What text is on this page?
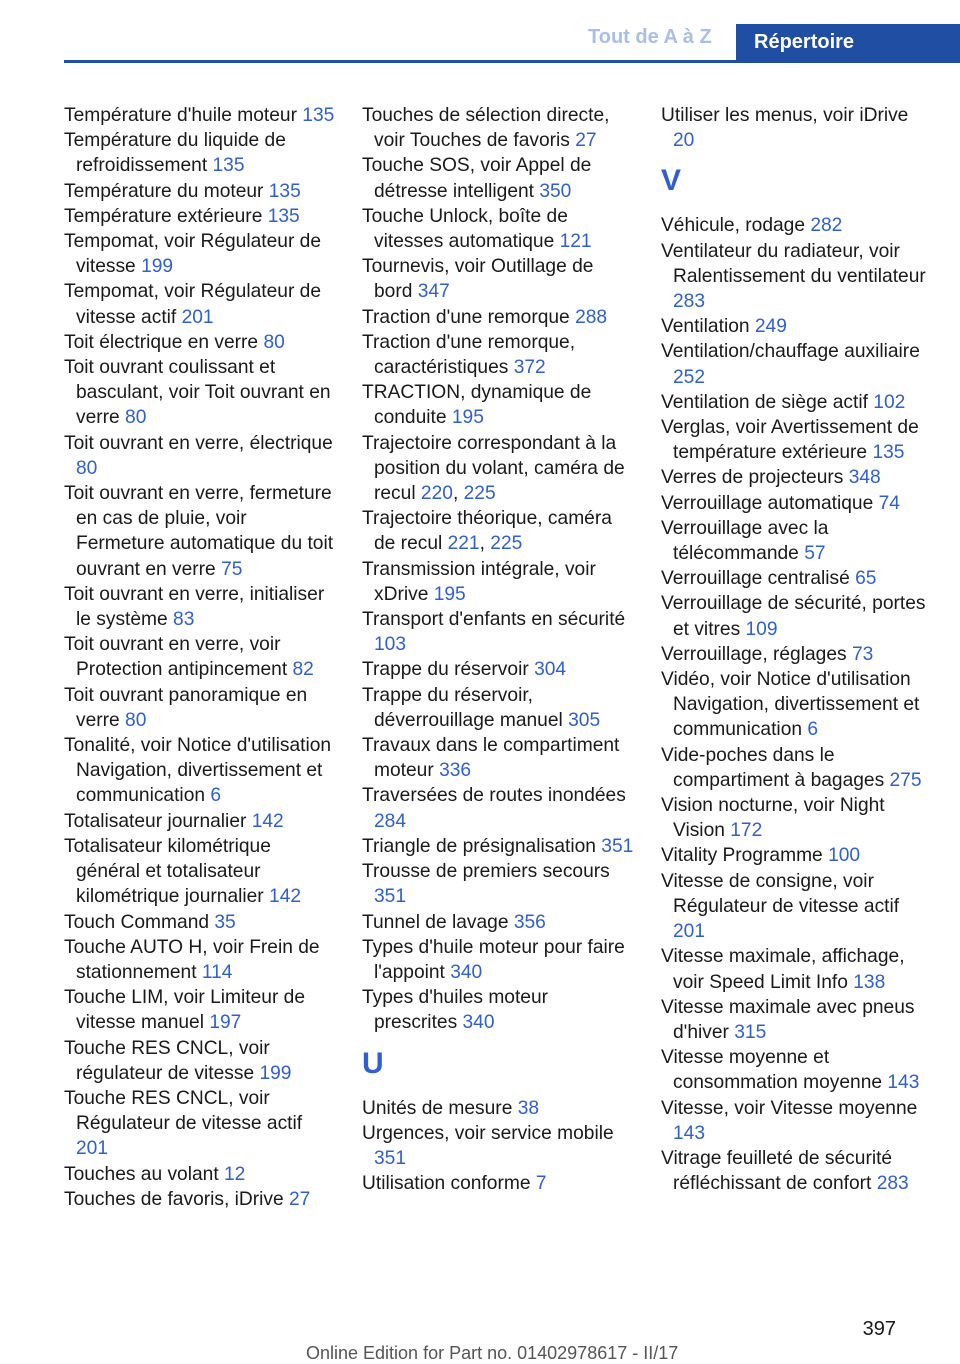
Tout de A à Z	Répertoire
Température d'huile moteur 135
Température du liquide de refroidissement 135
Température du moteur 135
Température extérieure 135
Tempomat, voir Régulateur de vitesse 199
Tempomat, voir Régulateur de vitesse actif 201
Toit électrique en verre 80
Toit ouvrant coulissant et basculant, voir Toit ouvrant en verre 80
Toit ouvrant en verre, électrique 80
Toit ouvrant en verre, fermeture en cas de pluie, voir Fermeture automatique du toit ouvrant en verre 75
Toit ouvrant en verre, initialiser le système 83
Toit ouvrant en verre, voir Protection antipincement 82
Toit ouvrant panoramique en verre 80
Tonalité, voir Notice d'utilisation Navigation, divertissement et communication 6
Totalisateur journalier 142
Totalisateur kilométrique général et totalisateur kilométrique journalier 142
Touch Command 35
Touche AUTO H, voir Frein de stationnement 114
Touche LIM, voir Limiteur de vitesse manuel 197
Touche RES CNCL, voir régulateur de vitesse 199
Touche RES CNCL, voir Régulateur de vitesse actif 201
Touches au volant 12
Touches de favoris, iDrive 27
Touches de sélection directe, voir Touches de favoris 27
Touche SOS, voir Appel de détresse intelligent 350
Touche Unlock, boîte de vitesses automatique 121
Tournevis, voir Outillage de bord 347
Traction d'une remorque 288
Traction d'une remorque, caractéristiques 372
TRACTION, dynamique de conduite 195
Trajectoire correspondant à la position du volant, caméra de recul 220, 225
Trajectoire théorique, caméra de recul 221, 225
Transmission intégrale, voir xDrive 195
Transport d'enfants en sécurité 103
Trappe du réservoir 304
Trappe du réservoir, déverrouillage manuel 305
Travaux dans le compartiment moteur 336
Traversées de routes inondées 284
Triangle de présignalisation 351
Trousse de premiers secours 351
Tunnel de lavage 356
Types d'huile moteur pour faire l'appoint 340
Types d'huiles moteur prescrites 340
U
Unités de mesure 38
Urgences, voir service mobile 351
Utilisation conforme 7
Utiliser les menus, voir iDrive 20
V
Véhicule, rodage 282
Ventilateur du radiateur, voir Ralentissement du ventilateur 283
Ventilation 249
Ventilation/chauffage auxiliaire 252
Ventilation de siège actif 102
Verglas, voir Avertissement de température extérieure 135
Verres de projecteurs 348
Verrouillage automatique 74
Verrouillage avec la télécommande 57
Verrouillage centralisé 65
Verrouillage de sécurité, portes et vitres 109
Verrouillage, réglages 73
Vidéo, voir Notice d'utilisation Navigation, divertissement et communication 6
Vide-poches dans le compartiment à bagages 275
Vision nocturne, voir Night Vision 172
Vitality Programme 100
Vitesse de consigne, voir Régulateur de vitesse actif 201
Vitesse maximale, affichage, voir Speed Limit Info 138
Vitesse maximale avec pneus d'hiver 315
Vitesse moyenne et consommation moyenne 143
Vitesse, voir Vitesse moyenne 143
Vitrage feuilleté de sécurité réfléchissant de confort 283
397
Online Edition for Part no. 01402978617 - II/17
